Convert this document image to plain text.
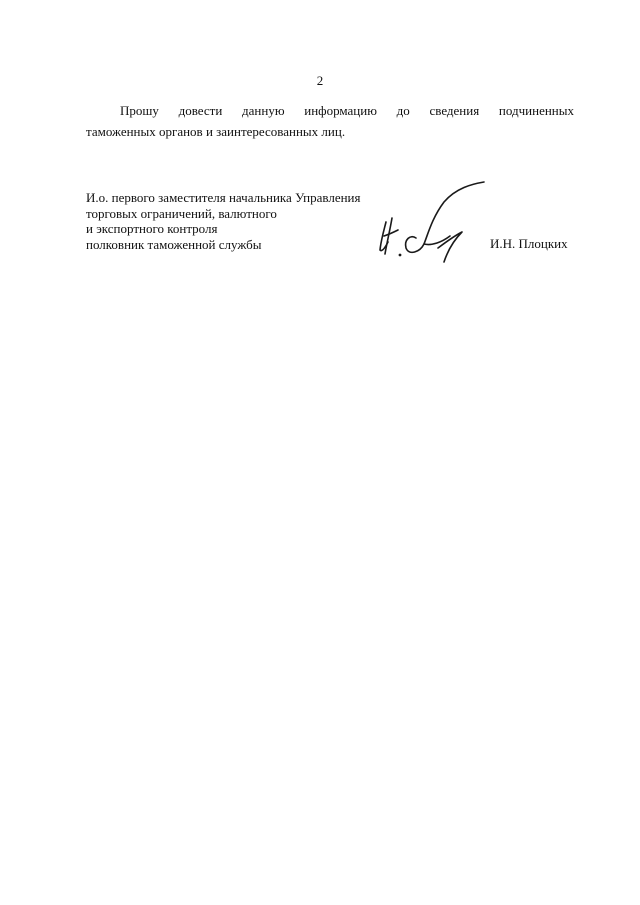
2
Прошу довести данную информацию до сведения подчиненных
таможенных органов и заинтересованных лиц.
И.о. первого заместителя начальника Управления
торговых ограничений, валютного
и экспортного контроля
полковник таможенной службы	И.Н. Плоцких
